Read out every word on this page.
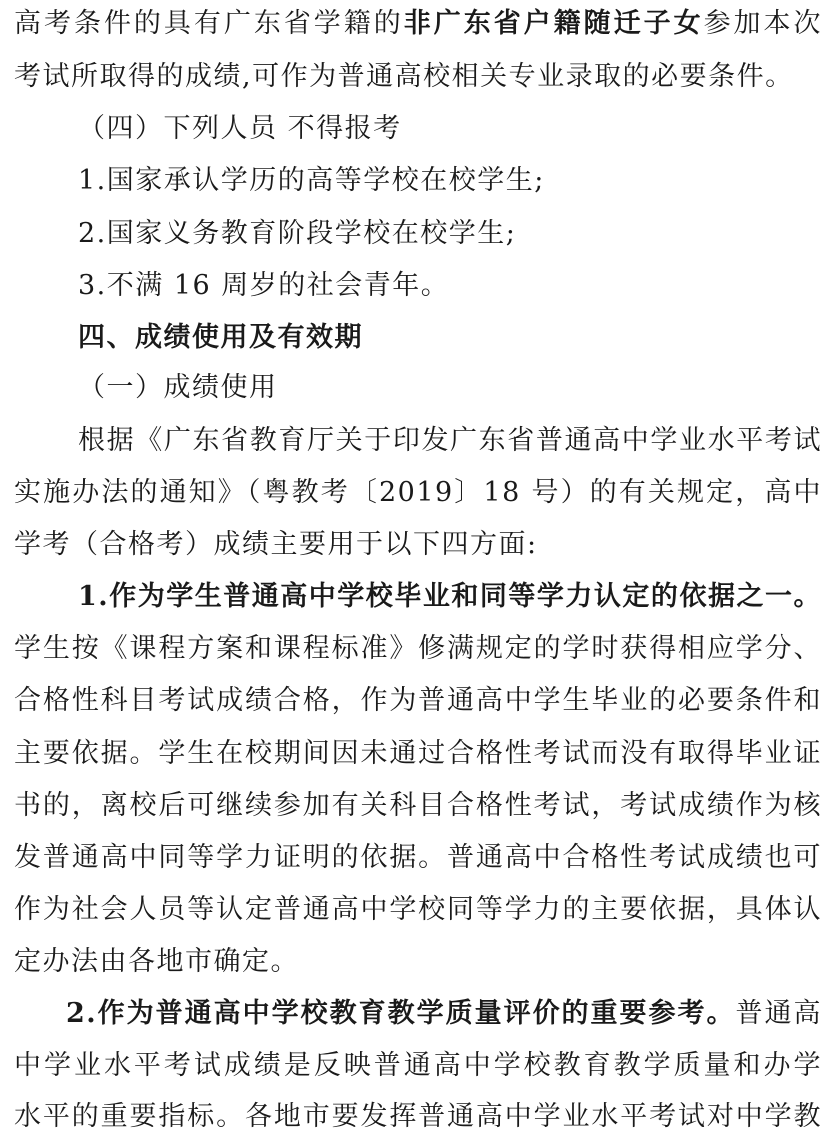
高考条件的具有广东省学籍的非广东省户籍随迁子女参加本次
考试所取得的成绩,可作为普通高校相关专业录取的必要条件。
（四）下列人员 不得报考
1.国家承认学历的高等学校在校学生;
2.国家义务教育阶段学校在校学生;
3.不满 16 周岁的社会青年。
四、成绩使用及有效期
（一）成绩使用
根据《广东省教育厅关于印发广东省普通高中学业水平考试
实施办法的通知》（粤教考〔2019〕18 号）的有关规定，高中
学考（合格考）成绩主要用于以下四方面:
1.作为学生普通高中学校毕业和同等学力认定的依据之一。
学生按《课程方案和课程标准》修满规定的学时获得相应学分、
合格性科目考试成绩合格，作为普通高中学生毕业的必要条件和
主要依据。学生在校期间因未通过合格性考试而没有取得毕业证
书的，离校后可继续参加有关科目合格性考试，考试成绩作为核
发普通高中同等学力证明的依据。普通高中合格性考试成绩也可
作为社会人员等认定普通高中学校同等学力的主要依据，具体认
定办法由各地市确定。
2.作为普通高中学校教育教学质量评价的重要参考。普通高
中学业水平考试成绩是反映普通高中学校教育教学质量和办学
水平的重要指标。各地市要发挥普通高中学业水平考试对中学教
